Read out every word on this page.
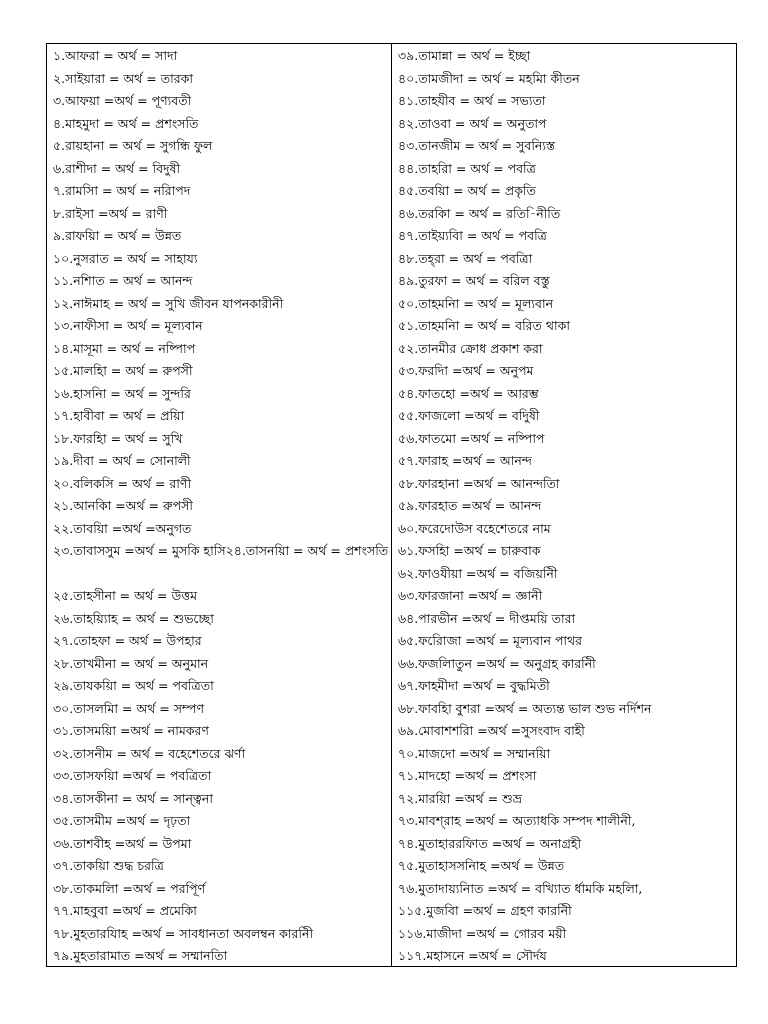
১.আফরা = অর্থ = সাদা
২.সাইয়ারা = অর্থ = তারকা
৩.আফয়া =অর্থ = পূণ্যবতী
৪.মাহমুদা = অর্থ = প্রশংসতি
৫.রায়হানা = অর্থ = সুগন্ধি ফুল
৬.রাশীদা = অর্থ = বিদুষী
৭.রামসিা = অর্থ = নরিাপদ
৮.রাইসা =অর্থ = রাণী
৯.রাফয়িা = অর্থ = উন্নত
১০.নুসরাত = অর্থ = সাহায্য
১১.নশিাত = অর্থ = আনন্দ
১২.নাঈমাহ = অর্থ = সুখি জীবন যাপনকারীনী
১৩.নাফীসা = অর্থ = মূল্যবান
১৪.মাসূমা = অর্থ = নষ্পিাপ
১৫.মালহিা = অর্থ = রুপসী
১৬.হাসনিা = অর্থ = সুন্দরি
১৭.হাবীবা = অর্থ = প্রয়িা
১৮.ফারহিা = অর্থ = সুখি
১৯.দীবা = অর্থ = সোনালী
২০.বলিকসি = অর্থ = রাণী
২১.আনকিা =অর্থ = রুপসী
২২.তাবয়িা =অর্থ =অনুগত
২৩.তাবাসসুম =অর্থ = মুসকি হাসি২৪.তাসনয়িা = অর্থ = প্রশংসতি
২৫.তাহসীনা = অর্থ = উত্তম
২৬.তাহয়্যািহ = অর্থ = শুভচ্ছো
২৭.তোহফা = অর্থ = উপহার
২৮.তাখমীনা = অর্থ = অনুমান
২৯.তাযকয়িা = অর্থ = পবত্রিতা
৩০.তাসলমিা = অর্থ = সম্পণ
৩১.তাসময়িা =অর্থ = নামকরণ
৩২.তাসনীম = অর্থ = বহেশেতরে ঝর্ণা
৩৩.তাসফয়িা =অর্থ = পবত্রিতা
৩৪.তাসকীনা = অর্থ = সান্ত্বনা
৩৫.তাসমীম =অর্থ = দৃঢ়তা
৩৬.তাশবীহ =অর্থ = উপমা
৩৭.তাকয়িা শুদ্ধ চরত্রি
৩৮.তাকমলিা =অর্থ = পরপিূর্ণ
৭৭.মাহবুবা =অর্থ = প্রমেকিা
৭৮.মুহতারযিাহ =অর্থ = সাবধানতা অবলম্বন কারনিী
৭৯.মুহতারামাত =অর্থ = সম্মানতিা
৩৯.তামান্না = অর্থ = ইচ্ছা
৪০.তামজীদা = অর্থ = মহমিা কীতন
৪১.তাহযীব = অর্থ = সভ্যতা
৪২.তাওবা = অর্থ = অনুতাপ
৪৩.তানজীম = অর্থ = সুবন্যিস্ত
৪৪.তাহরিা = অর্থ = পবত্রি
৪৫.তবয়িা = অর্থ = প্রকৃতি
৪৬.তরকিা = অর্থ = রতি-িনীতি
৪৭.তাইয়্যবিা = অর্থ = পবত্রি
৪৮.তহ্‌রা = অর্থ = পবত্রিা
৪৯.তুরফা = অর্থ = বরিল বস্তু
৫০.তাহমনিা = অর্থ = মূল্যবান
৫১.তাহমনিা = অর্থ = বরিত থাকা
৫২.তানমীর ক্রোধ প্রকাশ করা
৫৩.ফরদিা =অর্থ = অনুপম
৫৪.ফাতহো =অর্থ = আরম্ভ
৫৫.ফাজলো =অর্থ = বদিুষী
৫৬.ফাতমো =অর্থ = নষ্পিাপ
৫৭.ফারাহ =অর্থ = আনন্দ
৫৮.ফারহানা =অর্থ = আনন্দতিা
৫৯.ফারহাত =অর্থ = আনন্দ
৬০.ফরেদোউস বহেশেতরে নাম
৬১.ফসহিা =অর্থ = চারুবাক
৬২.ফাওযীয়া =অর্থ = বজিয়নিী
৬৩.ফারজানা =অর্থ = জ্ঞানী
৬৪.পারভীন =অর্থ = দীপ্তময়ি তারা
৬৫.ফরিোজা =অর্থ = মূল্যবান পাথর
৬৬.ফজলিাতুন =অর্থ = অনুগ্রহ কারনিী
৬৭.ফাহমীদা =অর্থ = বুদ্ধমিতী
৬৮.ফাবহিা বুশরা =অর্থ = অত্যন্ত ভাল শুভ নর্দিশন
৬৯.মোবাশশরিা =অর্থ =সুসংবাদ বাহী
৭০.মাজদো =অর্থ = সম্মানয়িা
৭১.মাদহো =অর্থ = প্রশংসা
৭২.মারয়িা =অর্থ = শুভ্র
৭৩.মাবশ্‌রাহ =অর্থ = অত্যাধকি সম্পদ শালীনী,
৭৪.মুতাহাররফিাত =অর্থ = অনাগ্রহী
৭৫.মুতাহাসসনিাহ =অর্থ = উন্নত
৭৬.মুতাদায়্যনিাত =অর্থ = বখ্যিাত র্ধামকি মহলিা,
১১৫.মুজবিা =অর্থ = গ্রহণ কারনিী
১১৬.মাজীদা =অর্থ = গোরব ময়ী
১১৭.মহাসনে =অর্থ = সৌর্দয
